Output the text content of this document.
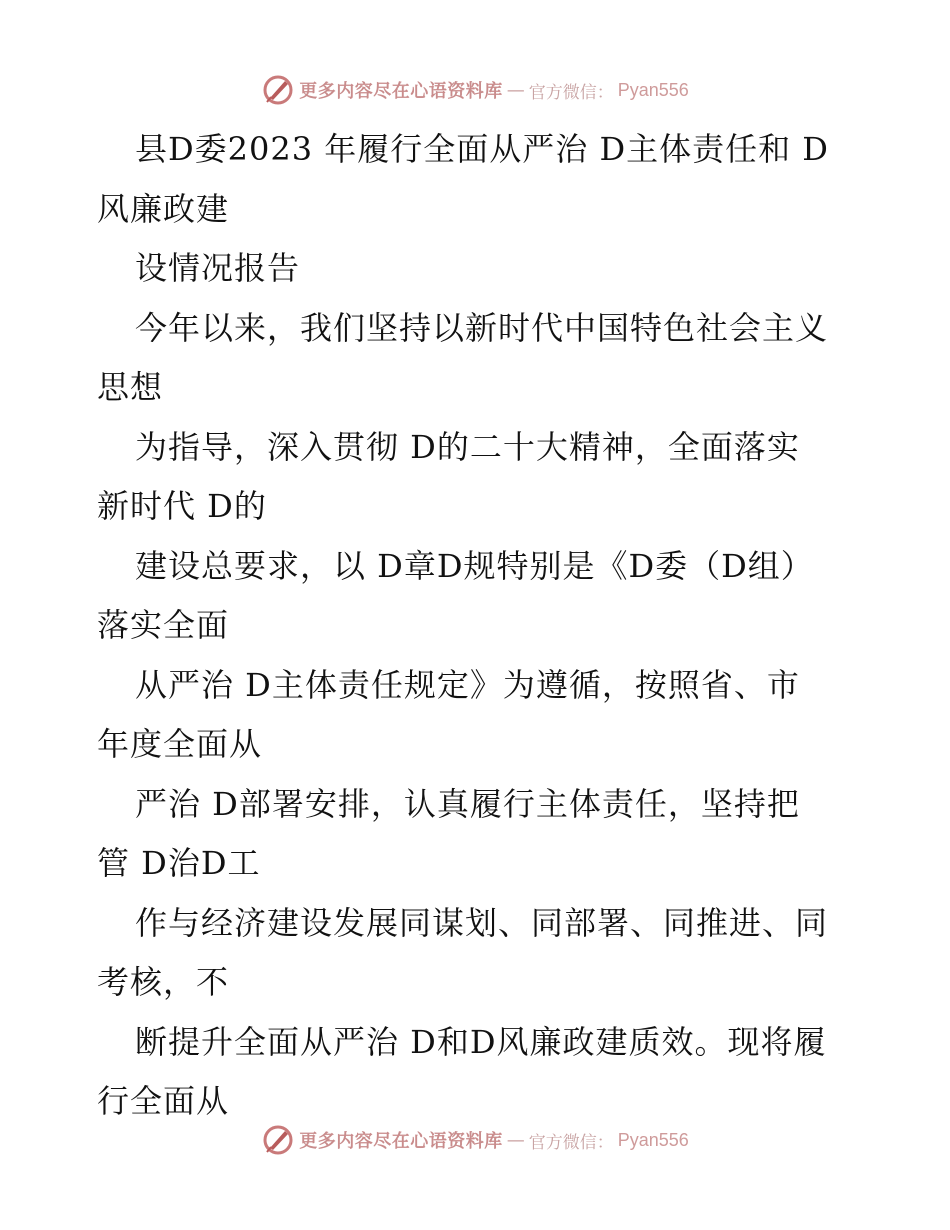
更多内容尽在心语资料库 — 官方微信： Pyan556
县D委2023 年履行全面从严治 D主体责任和 D
风廉政建
设情况报告
今年以来，我们坚持以新时代中国特色社会主义
思想
为指导，深入贯彻 D的二十大精神，全面落实
新时代 D的
建设总要求，以 D章D规特别是《D委（D组）
落实全面
从严治 D主体责任规定》为遵循，按照省、市
年度全面从
严治 D部署安排，认真履行主体责任，坚持把
管 D治D工
作与经济建设发展同谋划、同部署、同推进、同
考核，不
断提升全面从严治 D和D风廉政建质效。现将履
行全面从
更多内容尽在心语资料库 — 官方微信： Pyan556
